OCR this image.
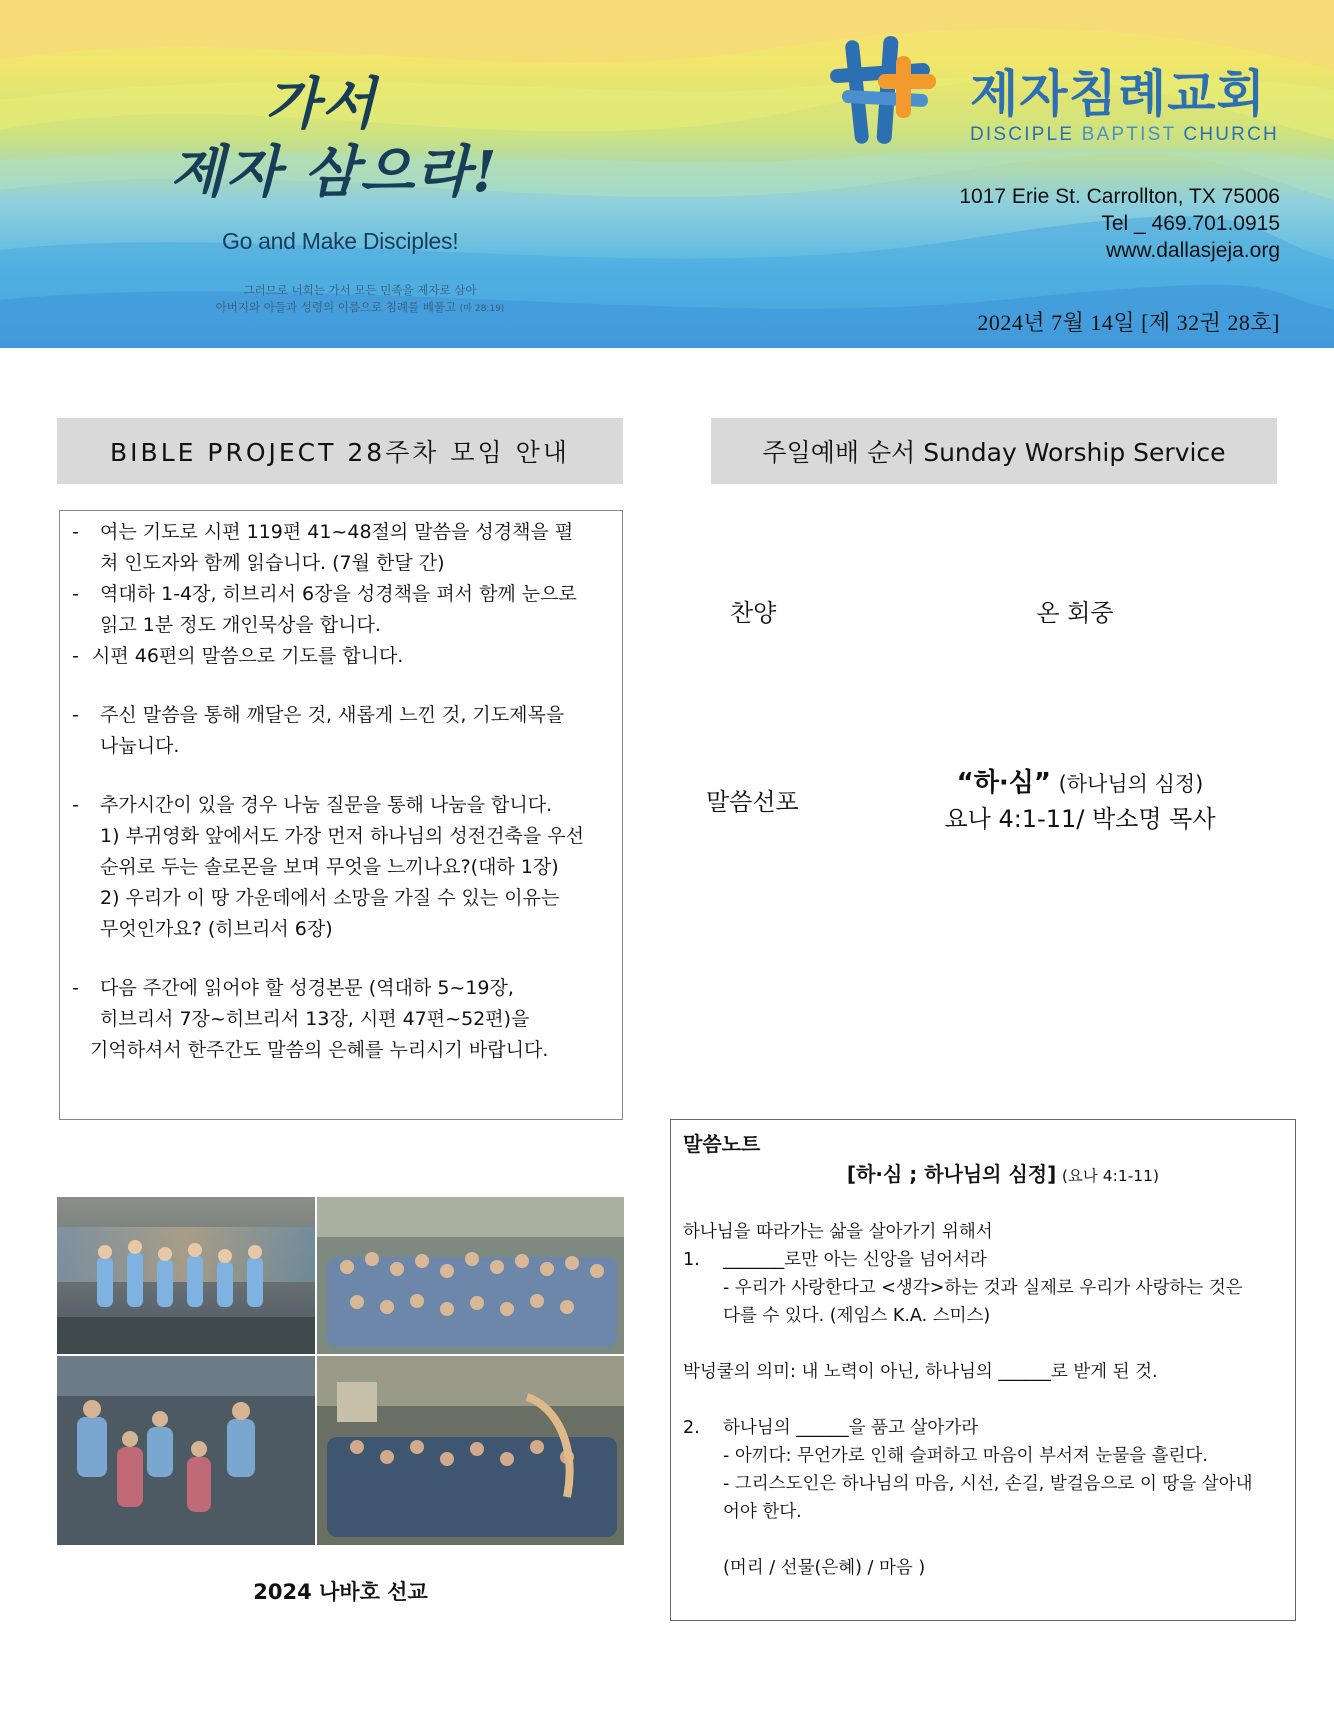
가서
제자 삼으라!
Go and Make Disciples!
그러므로 너희는 가서 모든 민족을 제자로 삼아
아버지와 아들과 성령의 이름으로 침례를 베풀고 (마 28:19)
제자침례교회
DISCIPLE BAPTIST CHURCH
1017 Erie St. Carrollton, TX 75006
Tel _ 469.701.0915
www.dallasjeja.org
2024년 7월 14일 [제 32권 28호]
BIBLE PROJECT 28주차 모임 안내	주일예배 순서 Sunday Worship Service
- 여는 기도로 시편 119편 41~48절의 말씀을 성경책을 펼
쳐 인도자와 함께 읽습니다. (7월 한달 간)
- 역대하 1-4장, 히브리서 6장을 성경책을 펴서 함께 눈으로
읽고 1분 정도 개인묵상을 합니다.
- 시편 46편의 말씀으로 기도를 합니다.
- 주신 말씀을 통해 깨달은 것, 새롭게 느낀 것, 기도제목을
나눕니다.
- 추가시간이 있을 경우 나눔 질문을 통해 나눔을 합니다.
1) 부귀영화 앞에서도 가장 먼저 하나님의 성전건축을 우선
순위로 두는 솔로몬을 보며 무엇을 느끼나요?(대하 1장)
2) 우리가 이 땅 가운데에서 소망을 가질 수 있는 이유는
무엇인가요? (히브리서 6장)
- 다음 주간에 읽어야 할 성경본문 (역대하 5~19장,
히브리서 7장~히브리서 13장, 시편 47편~52편)을
기억하셔서 한주간도 말씀의 은혜를 누리시기 바랍니다.
찬양	온 회중
말씀선포
“하·심” (하나님의 심정)
요나 4:1-11/ 박소명 목사
2024 나바호 선교
말씀노트
[하·심 ; 하나님의 심정] (요나 4:1-11)
하나님을 따라가는 삶을 살아가기 위해서
1. _______로만 아는 신앙을 넘어서라
- 우리가 사랑한다고 <생각>하는 것과 실제로 우리가 사랑하는 것은
다를 수 있다. (제임스 K.A. 스미스)
박넝쿨의 의미: 내 노력이 아닌, 하나님의 ______로 받게 된 것.
2. 하나님의 ______을 품고 살아가라
- 아끼다: 무언가로 인해 슬퍼하고 마음이 부서져 눈물을 흘린다.
- 그리스도인은 하나님의 마음, 시선, 손길, 발걸음으로 이 땅을 살아내
어야 한다.
(머리 / 선물(은혜) / 마음 )
